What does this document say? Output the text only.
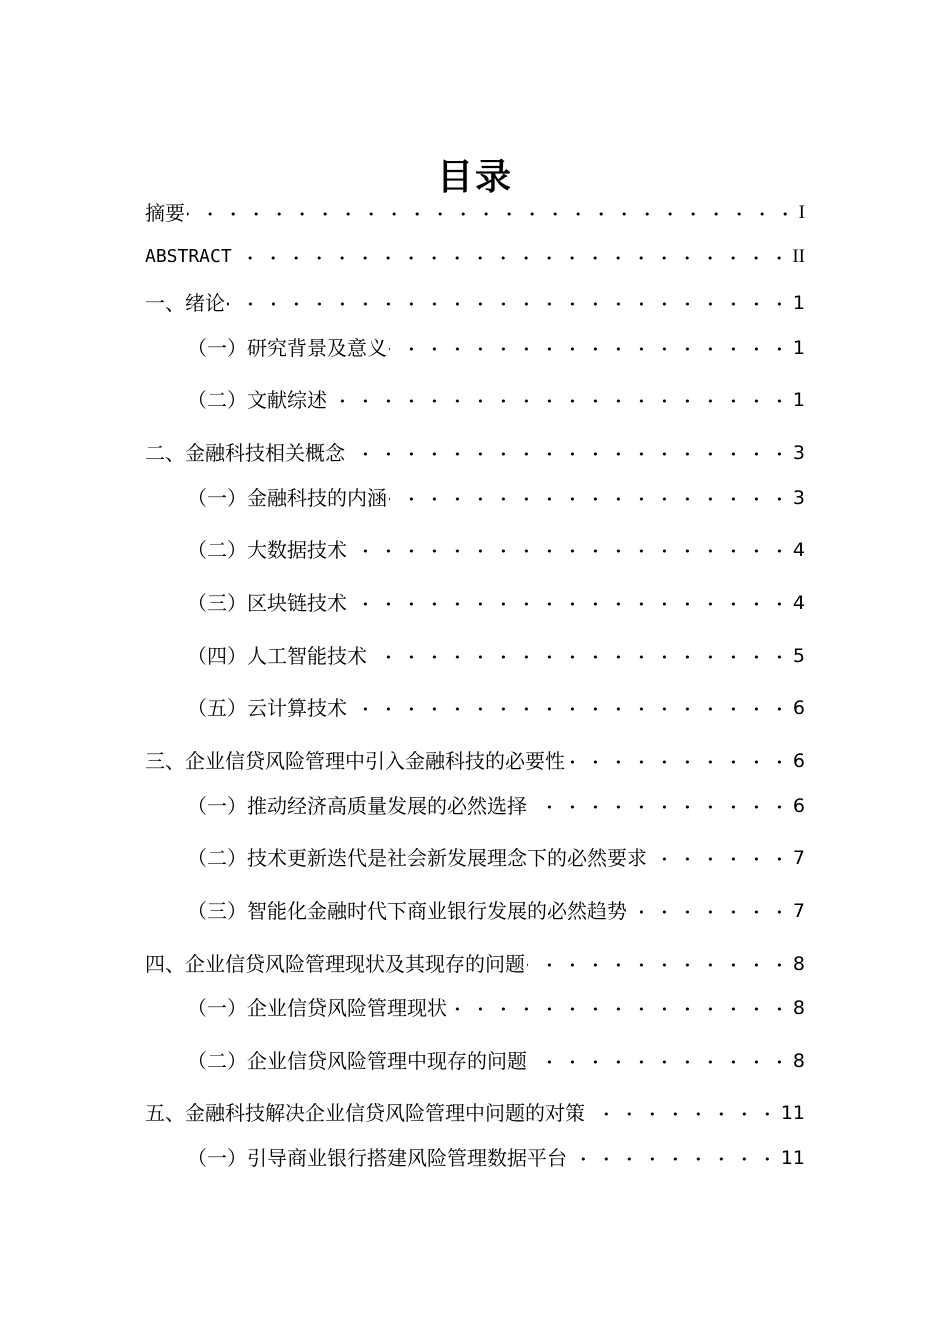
目录
摘要	I
ABSTRACT	II
一、绪论	1
（一）研究背景及意义	1
（二）文献综述	1
二、金融科技相关概念	3
（一）金融科技的内涵	3
（二）大数据技术	4
（三）区块链技术	4
（四）人工智能技术	5
（五）云计算技术	6
三、企业信贷风险管理中引入金融科技的必要性	6
（一）推动经济高质量发展的必然选择	6
（二）技术更新迭代是社会新发展理念下的必然要求	7
（三）智能化金融时代下商业银行发展的必然趋势	7
四、企业信贷风险管理现状及其现存的问题	8
（一）企业信贷风险管理现状	8
（二）企业信贷风险管理中现存的问题	8
五、金融科技解决企业信贷风险管理中问题的对策	11
（一）引导商业银行搭建风险管理数据平台	11
